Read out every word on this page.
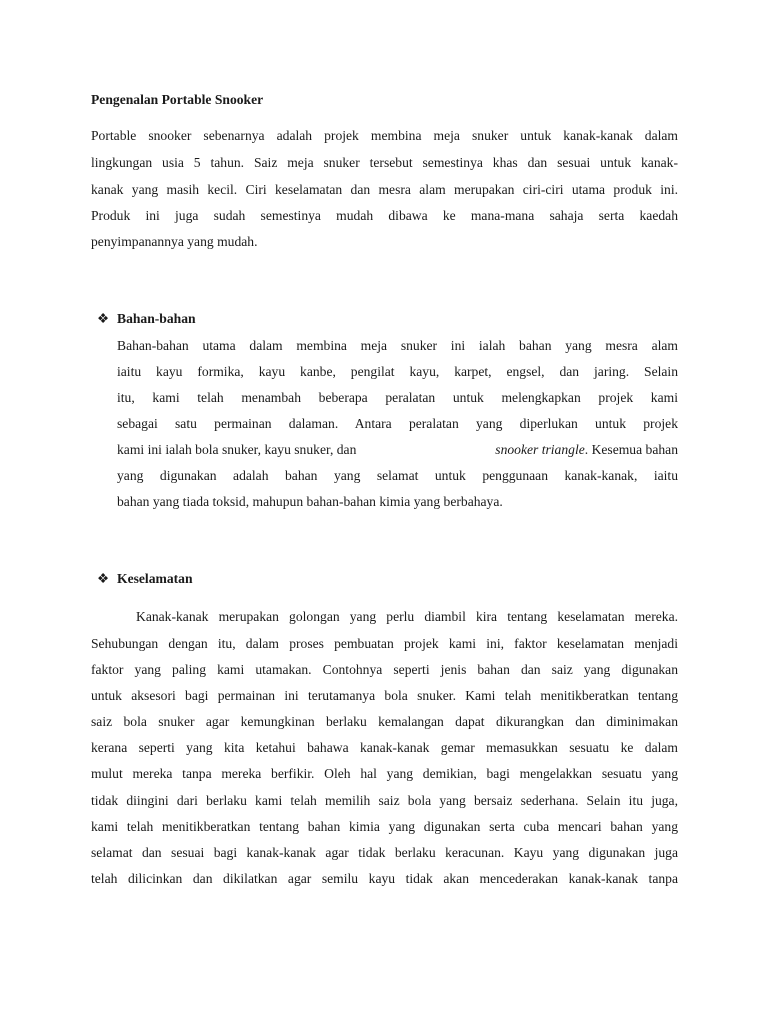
Pengenalan Portable Snooker
Portable snooker sebenarnya adalah projek membina meja snuker untuk kanak-kanak dalam
lingkungan usia 5 tahun. Saiz meja snuker tersebut semestinya khas dan sesuai untuk kanak-
kanak yang masih kecil. Ciri keselamatan dan mesra alam merupakan ciri-ciri utama produk ini.
Produk ini juga sudah semestinya mudah dibawa ke mana-mana sahaja serta kaedah
penyimpanannya yang mudah.
❖ Bahan-bahan
Bahan-bahan utama dalam membina meja snuker ini ialah bahan yang mesra alam
iaitu kayu formika, kayu kanbe, pengilat kayu, karpet, engsel, dan jaring. Selain
itu, kami telah menambah beberapa peralatan untuk melengkapkan projek kami
sebagai satu permainan dalaman. Antara peralatan yang diperlukan untuk projek
kami ini ialah bola snuker, kayu snuker, dan	snooker triangle. Kesemua bahan
yang digunakan adalah bahan yang selamat untuk penggunaan kanak-kanak, iaitu
bahan yang tiada toksid, mahupun bahan-bahan kimia yang berbahaya.
❖ Keselamatan
Kanak-kanak merupakan golongan yang perlu diambil kira tentang keselamatan mereka.
Sehubungan dengan itu, dalam proses pembuatan projek kami ini, faktor keselamatan menjadi
faktor yang paling kami utamakan. Contohnya seperti jenis bahan dan saiz yang digunakan
untuk aksesori bagi permainan ini terutamanya bola snuker. Kami telah menitikberatkan tentang
saiz bola snuker agar kemungkinan berlaku kemalangan dapat dikurangkan dan diminimakan
kerana seperti yang kita ketahui bahawa kanak-kanak gemar memasukkan sesuatu ke dalam
mulut mereka tanpa mereka berfikir. Oleh hal yang demikian, bagi mengelakkan sesuatu yang
tidak diingini dari berlaku kami telah memilih saiz bola yang bersaiz sederhana. Selain itu juga,
kami telah menitikberatkan tentang bahan kimia yang digunakan serta cuba mencari bahan yang
selamat dan sesuai bagi kanak-kanak agar tidak berlaku keracunan. Kayu yang digunakan juga
telah dilicinkan dan dikilatkan agar semilu kayu tidak akan mencederakan kanak-kanak tanpa
